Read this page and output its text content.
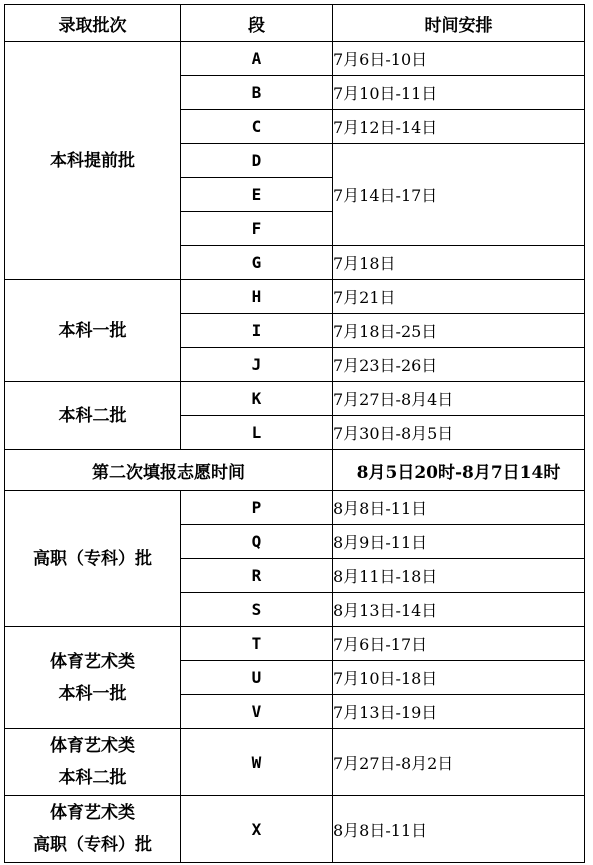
录取批次	段	时间安排

本科提前批	A	7月6日-10日
	B	7月10日-11日
	C	7月12日-14日
	D	7月14日-17日
	E	
	F	
	G	7月18日

本科一批	H	7月21日
	I	7月18日-25日
	J	7月23日-26日

本科二批	K	7月27日-8月4日
	L	7月30日-8月5日
第二次填报志愿时间		8月5日20时-8月7日14时

高职（专科）批	P	8月8日-11日
	Q	8月9日-11日
	R	8月11日-18日
	S	8月13日-14日

体育艺术类
本科一批	T	7月6日-17日
	U	7月10日-18日
	V	7月13日-19日

体育艺术类
本科二批	W	7月27日-8月2日

体育艺术类
高职（专科）批	X	8月8日-11日
